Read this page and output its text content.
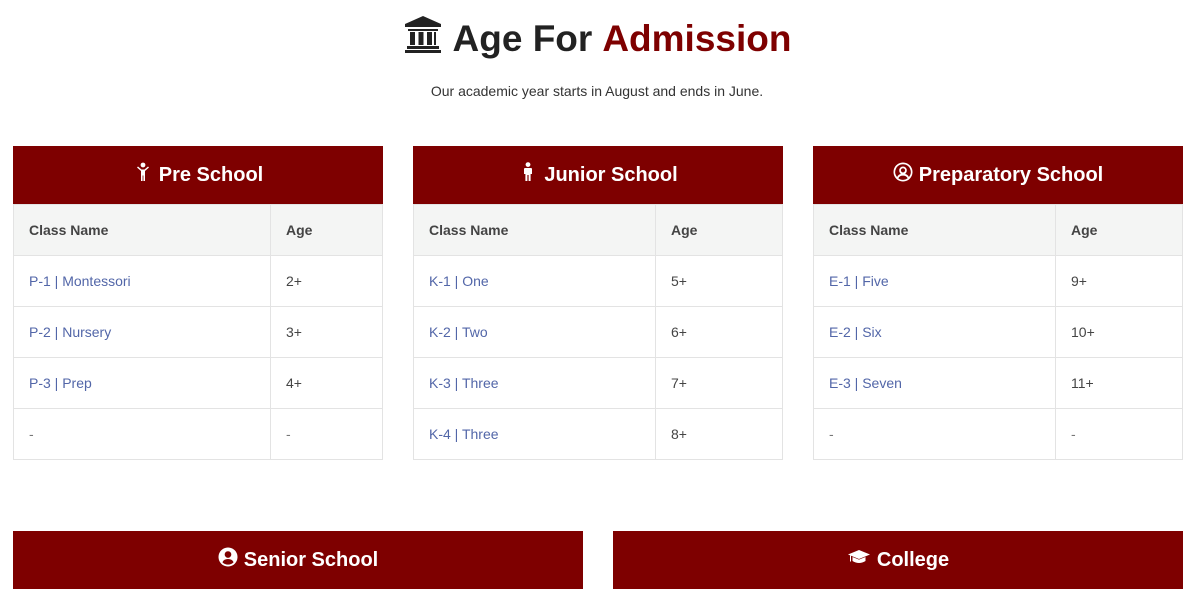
Age For Admission
Our academic year starts in August and ends in June.
Pre School
Class Name	Age
P-1 | Montessori	2+
P-2 | Nursery	3+
P-3 | Prep	4+
-	-
Junior School
Class Name	Age
K-1 | One	5+
K-2 | Two	6+
K-3 | Three	7+
K-4 | Three	8+
Preparatory School
Class Name	Age
E-1 | Five	9+
E-2 | Six	10+
E-3 | Seven	11+
-	-
Senior School	College
